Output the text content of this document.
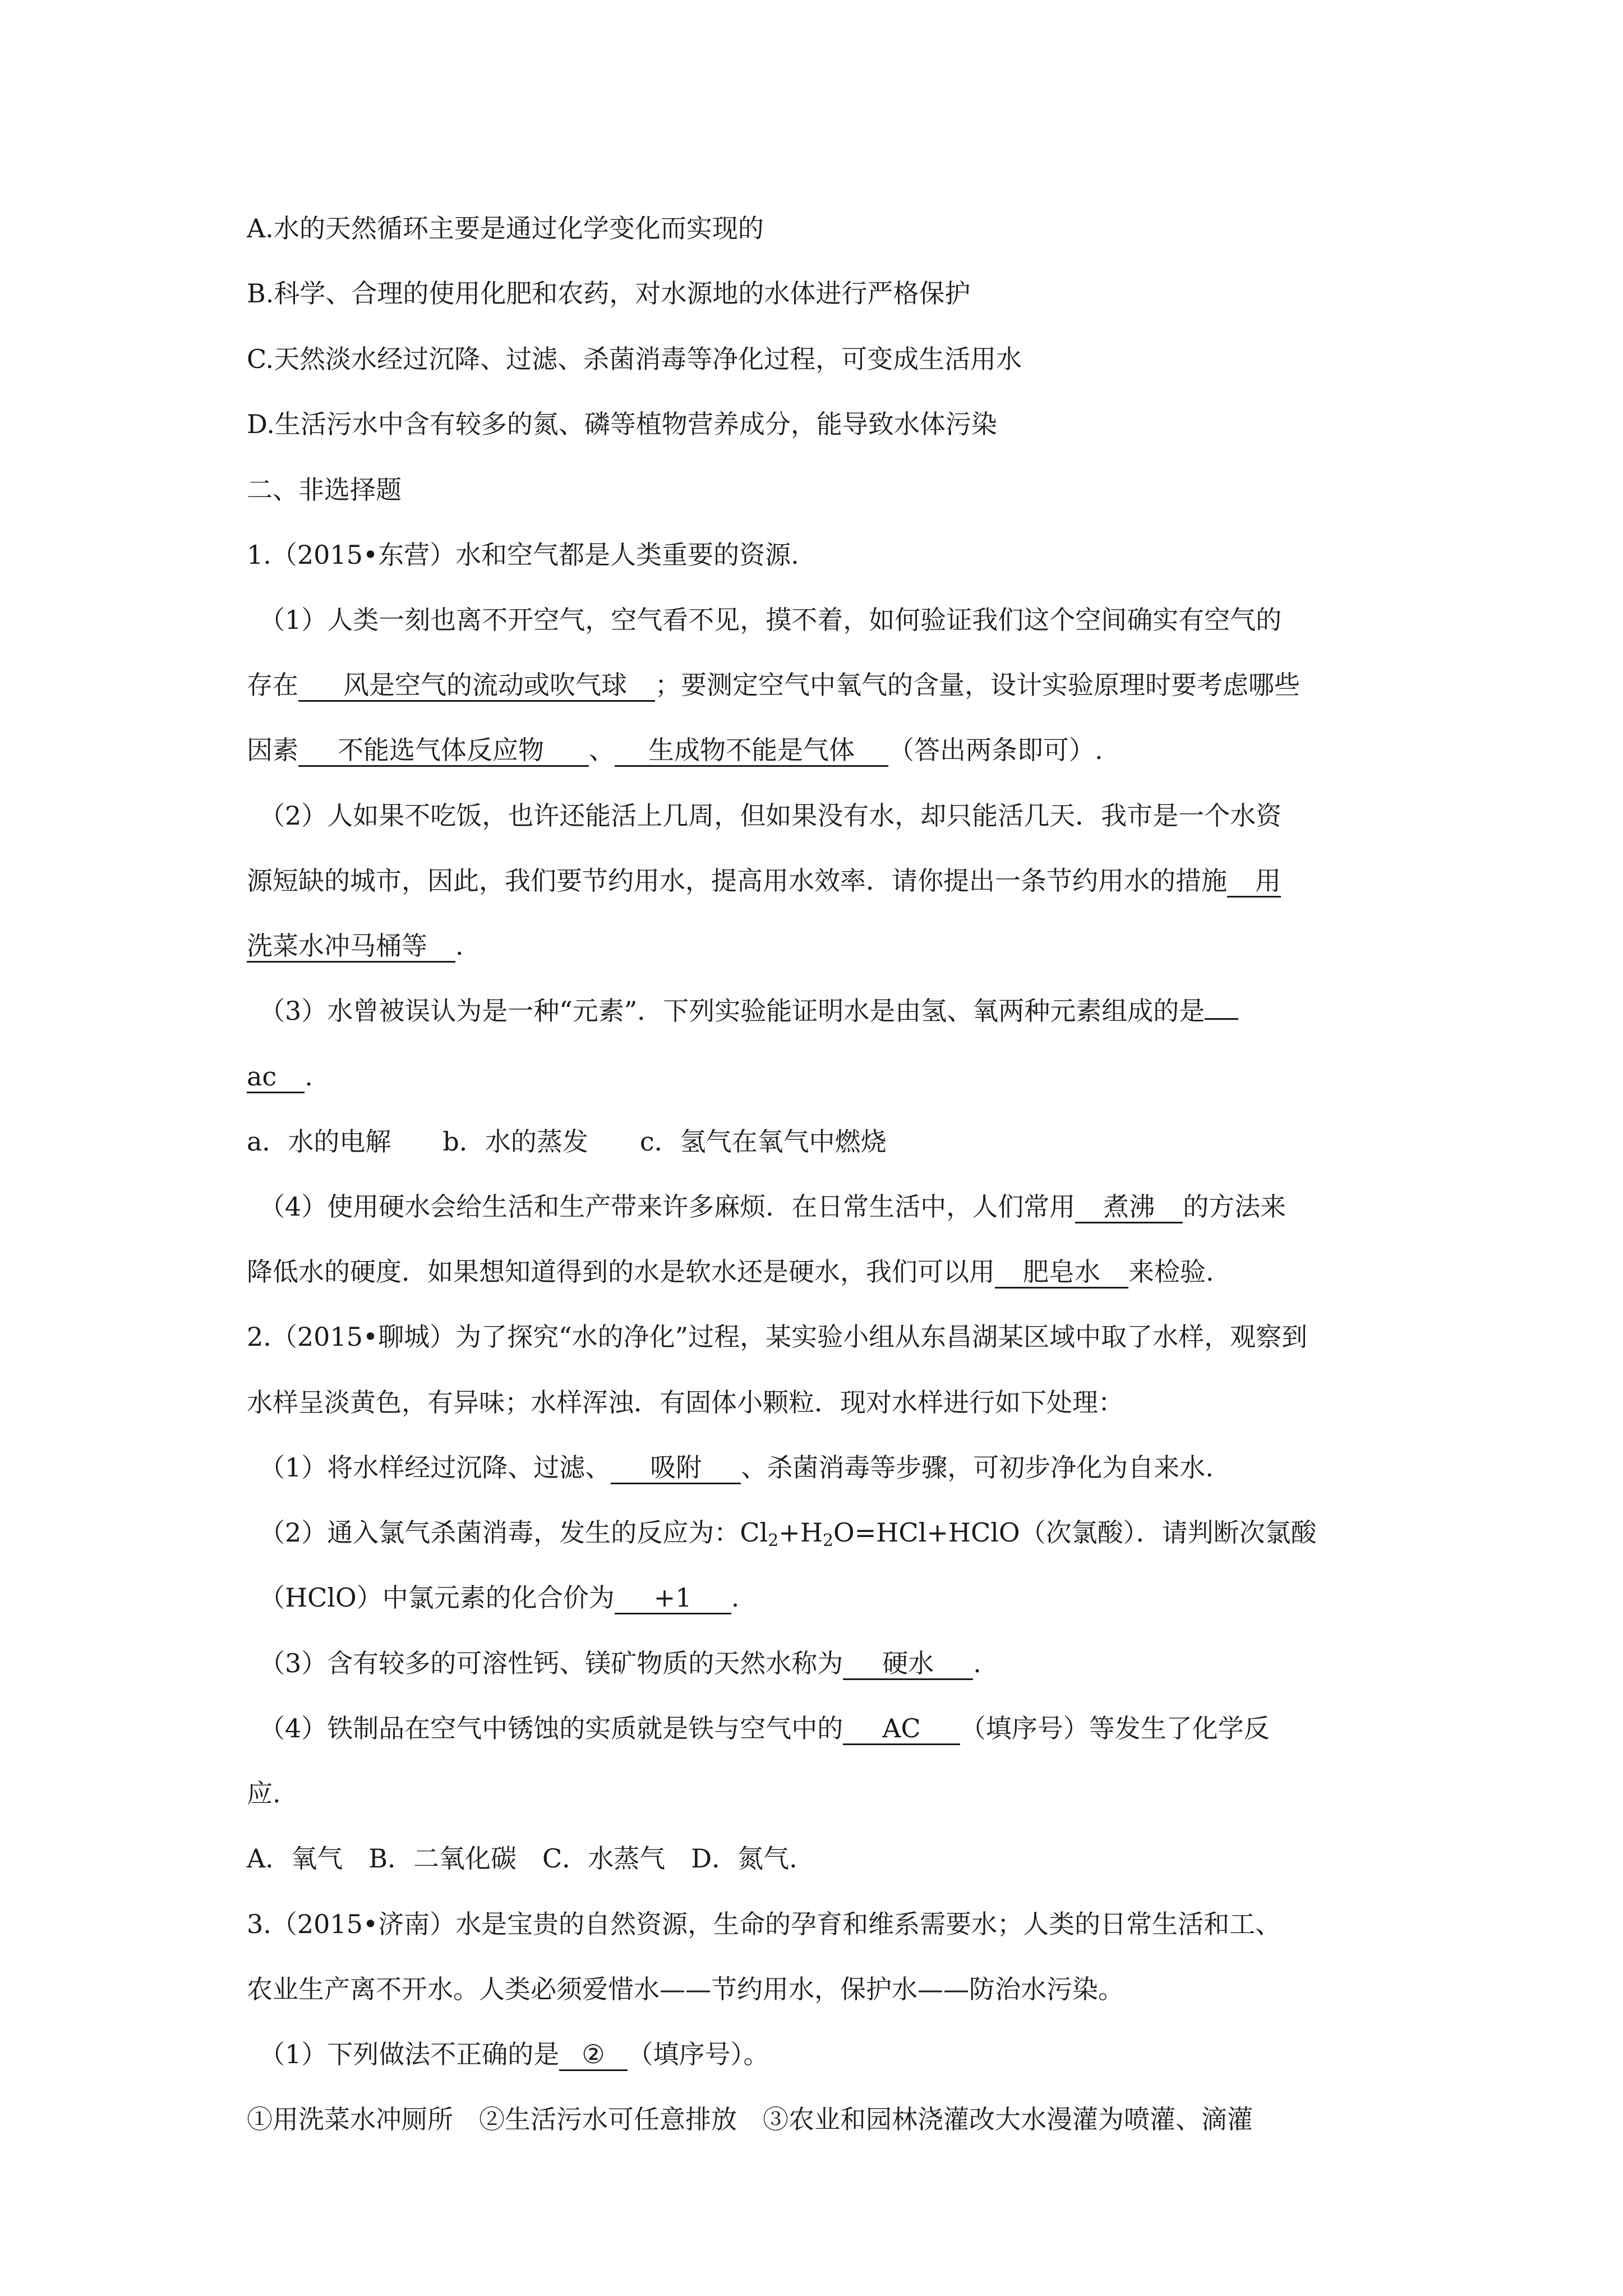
A.水的天然循环主要是通过化学变化而实现的
B.科学、合理的使用化肥和农药，对水源地的水体进行严格保护
C.天然淡水经过沉降、过滤、杀菌消毒等净化过程，可变成生活用水
D.生活污水中含有较多的氮、磷等植物营养成分，能导致水体污染
二、非选择题
1.（2015•东营）水和空气都是人类重要的资源.
（1）人类一刻也离不开空气，空气看不见，摸不着，如何验证我们这个空间确实有空气的
存在 风是空气的流动或吹气球 ；要测定空气中氧气的含量，设计实验原理时要考虑哪些
因素 不能选气体反应物 、 生成物不能是气体 （答出两条即可）.
（2）人如果不吃饭，也许还能活上几周，但如果没有水，却只能活几天．我市是一个水资
源短缺的城市，因此，我们要节约用水，提高用水效率．请你提出一条节约用水的措施 用
洗菜水冲马桶等 .
（3）水曾被误认为是一种“元素”．下列实验能证明水是由氢、氧两种元素组成的是
ac .
a．水的电解　　b．水的蒸发　　c．氢气在氧气中燃烧
（4）使用硬水会给生活和生产带来许多麻烦．在日常生活中，人们常用 煮沸 的方法来
降低水的硬度．如果想知道得到的水是软水还是硬水，我们可以用 肥皂水 来检验.
2.（2015•聊城）为了探究“水的净化”过程，某实验小组从东昌湖某区域中取了水样，观察到
水样呈淡黄色，有异味；水样浑浊．有固体小颗粒．现对水样进行如下处理：
（1）将水样经过沉降、过滤、 吸附 、杀菌消毒等步骤，可初步净化为自来水.
（2）通入氯气杀菌消毒，发生的反应为：$Cl_2+H_2O=HCl+HClO$（次氯酸）．请判断次氯酸
（HClO）中氯元素的化合价为 +1 .
（3）含有较多的可溶性钙、镁矿物质的天然水称为 硬水 .
（4）铁制品在空气中锈蚀的实质就是铁与空气中的 AC （填序号）等发生了化学反
应.
A．氧气　B．二氧化碳　C．水蒸气　D．氮气.
3.（2015•济南）水是宝贵的自然资源，生命的孕育和维系需要水；人类的日常生活和工、
农业生产离不开水。人类必须爱惜水——节约用水，保护水——防治水污染。
（1）下列做法不正确的是 ② （填序号）。
①用洗菜水冲厕所　②生活污水可任意排放　③农业和园林浇灌改大水漫灌为喷灌、滴灌
